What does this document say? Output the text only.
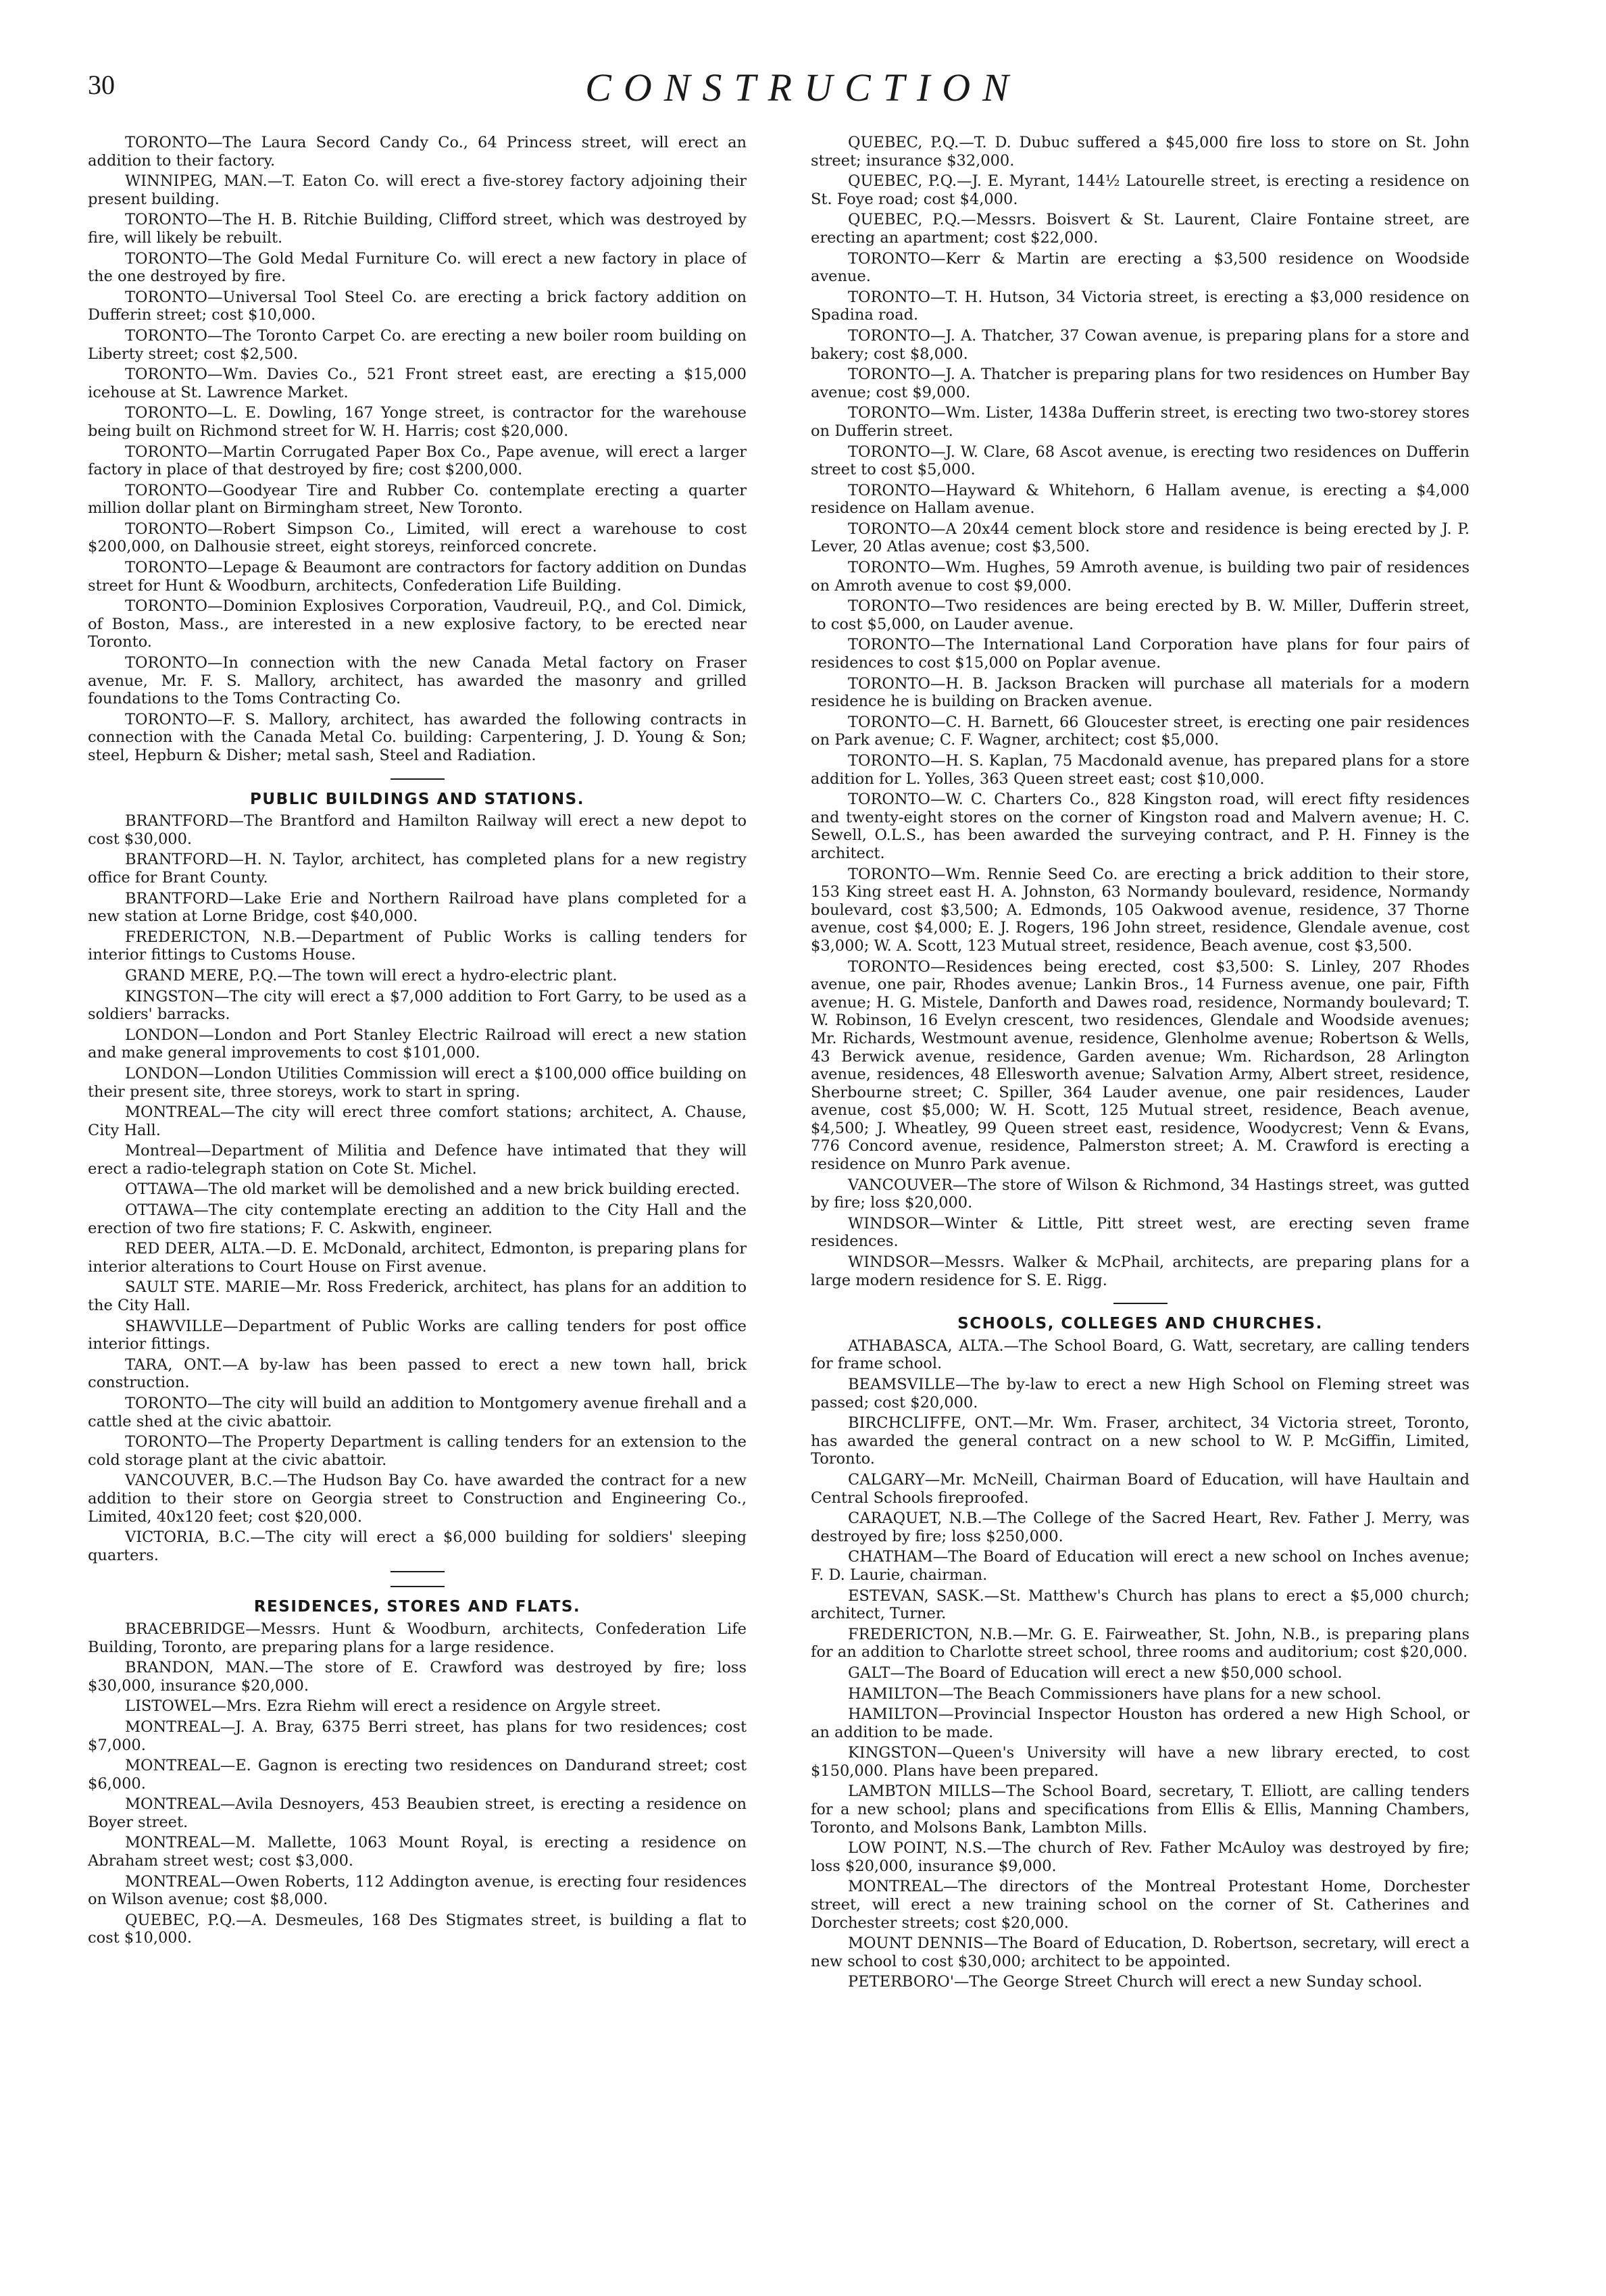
30	CONSTRUCTION

TORONTO—The Laura Secord Candy Co., 64 Princess street, will erect an addition to their factory.

WINNIPEG, MAN.—T. Eaton Co. will erect a five-storey factory adjoining their present building.

TORONTO—The H. B. Ritchie Building, Clifford street, which was destroyed by fire, will likely be rebuilt.

TORONTO—The Gold Medal Furniture Co. will erect a new factory in place of the one destroyed by fire.

TORONTO—Universal Tool Steel Co. are erecting a brick factory addition on Dufferin street; cost $10,000.

TORONTO—The Toronto Carpet Co. are erecting a new boiler room building on Liberty street; cost $2,500.

TORONTO—Wm. Davies Co., 521 Front street east, are erecting a $15,000 icehouse at St. Lawrence Market.

TORONTO—L. E. Dowling, 167 Yonge street, is contractor for the warehouse being built on Richmond street for W. H. Harris; cost $20,000.

TORONTO—Martin Corrugated Paper Box Co., Pape avenue, will erect a larger factory in place of that destroyed by fire; cost $200,000.

TORONTO—Goodyear Tire and Rubber Co. contemplate erecting a quarter million dollar plant on Birmingham street, New Toronto.

TORONTO—Robert Simpson Co., Limited, will erect a warehouse to cost $200,000, on Dalhousie street, eight storeys, reinforced concrete.

TORONTO—Lepage & Beaumont are contractors for factory addition on Dundas street for Hunt & Woodburn, architects, Confederation Life Building.

TORONTO—Dominion Explosives Corporation, Vaudreuil, P.Q., and Col. Dimick, of Boston, Mass., are interested in a new explosive factory, to be erected near Toronto.

TORONTO—In connection with the new Canada Metal factory on Fraser avenue, Mr. F. S. Mallory, architect, has awarded the masonry and grilled foundations to the Toms Contracting Co.

TORONTO—F. S. Mallory, architect, has awarded the following contracts in connection with the Canada Metal Co. building: Carpentering, J. D. Young & Son; steel, Hepburn & Disher; metal sash, Steel and Radiation.

PUBLIC BUILDINGS AND STATIONS.

BRANTFORD—The Brantford and Hamilton Railway will erect a new depot to cost $30,000.

BRANTFORD—H. N. Taylor, architect, has completed plans for a new registry office for Brant County.

BRANTFORD—Lake Erie and Northern Railroad have plans completed for a new station at Lorne Bridge, cost $40,000.

FREDERICTON, N.B.—Department of Public Works is calling tenders for interior fittings to Customs House.

GRAND MERE, P.Q.—The town will erect a hydro-electric plant.

KINGSTON—The city will erect a $7,000 addition to Fort Garry, to be used as a soldiers' barracks.

LONDON—London and Port Stanley Electric Railroad will erect a new station and make general improvements to cost $101,000.

LONDON—London Utilities Commission will erect a $100,000 office building on their present site, three storeys, work to start in spring.

MONTREAL—The city will erect three comfort stations; architect, A. Chause, City Hall.

Montreal—Department of Militia and Defence have intimated that they will erect a radio-telegraph station on Cote St. Michel.

OTTAWA—The old market will be demolished and a new brick building erected.

OTTAWA—The city contemplate erecting an addition to the City Hall and the erection of two fire stations; F. C. Askwith, engineer.

RED DEER, ALTA.—D. E. McDonald, architect, Edmonton, is preparing plans for interior alterations to Court House on First avenue.

SAULT STE. MARIE—Mr. Ross Frederick, architect, has plans for an addition to the City Hall.

SHAWVILLE—Department of Public Works are calling tenders for post office interior fittings.

TARA, ONT.—A by-law has been passed to erect a new town hall, brick construction.

TORONTO—The city will build an addition to Montgomery avenue firehall and a cattle shed at the civic abattoir.

TORONTO—The Property Department is calling tenders for an extension to the cold storage plant at the civic abattoir.

VANCOUVER, B.C.—The Hudson Bay Co. have awarded the contract for a new addition to their store on Georgia street to Construction and Engineering Co., Limited, 40x120 feet; cost $20,000.

VICTORIA, B.C.—The city will erect a $6,000 building for soldiers' sleeping quarters.

RESIDENCES, STORES AND FLATS.

BRACEBRIDGE—Messrs. Hunt & Woodburn, architects, Confederation Life Building, Toronto, are preparing plans for a large residence.

BRANDON, MAN.—The store of E. Crawford was destroyed by fire; loss $30,000, insurance $20,000.

LISTOWEL—Mrs. Ezra Riehm will erect a residence on Argyle street.

MONTREAL—J. A. Bray, 6375 Berri street, has plans for two residences; cost $7,000.

MONTREAL—E. Gagnon is erecting two residences on Dandurand street; cost $6,000.

MONTREAL—Avila Desnoyers, 453 Beaubien street, is erecting a residence on Boyer street.

MONTREAL—M. Mallette, 1063 Mount Royal, is erecting a residence on Abraham street west; cost $3,000.

MONTREAL—Owen Roberts, 112 Addington avenue, is erecting four residences on Wilson avenue; cost $8,000.

QUEBEC, P.Q.—A. Desmeules, 168 Des Stigmates street, is building a flat to cost $10,000.

QUEBEC, P.Q.—T. D. Dubuc suffered a $45,000 fire loss to store on St. John street; insurance $32,000.

QUEBEC, P.Q.—J. E. Myrant, 144½ Latourelle street, is erecting a residence on St. Foye road; cost $4,000.

QUEBEC, P.Q.—Messrs. Boisvert & St. Laurent, Claire Fontaine street, are erecting an apartment; cost $22,000.

TORONTO—Kerr & Martin are erecting a $3,500 residence on Woodside avenue.

TORONTO—T. H. Hutson, 34 Victoria street, is erecting a $3,000 residence on Spadina road.

TORONTO—J. A. Thatcher, 37 Cowan avenue, is preparing plans for a store and bakery; cost $8,000.

TORONTO—J. A. Thatcher is preparing plans for two residences on Humber Bay avenue; cost $9,000.

TORONTO—Wm. Lister, 1438a Dufferin street, is erecting two two-storey stores on Dufferin street.

TORONTO—J. W. Clare, 68 Ascot avenue, is erecting two residences on Dufferin street to cost $5,000.

TORONTO—Hayward & Whitehorn, 6 Hallam avenue, is erecting a $4,000 residence on Hallam avenue.

TORONTO—A 20x44 cement block store and residence is being erected by J. P. Lever, 20 Atlas avenue; cost $3,500.

TORONTO—Wm. Hughes, 59 Amroth avenue, is building two pair of residences on Amroth avenue to cost $9,000.

TORONTO—Two residences are being erected by B. W. Miller, Dufferin street, to cost $5,000, on Lauder avenue.

TORONTO—The International Land Corporation have plans for four pairs of residences to cost $15,000 on Poplar avenue.

TORONTO—H. B. Jackson Bracken will purchase all materials for a modern residence he is building on Bracken avenue.

TORONTO—C. H. Barnett, 66 Gloucester street, is erecting one pair residences on Park avenue; C. F. Wagner, architect; cost $5,000.

TORONTO—H. S. Kaplan, 75 Macdonald avenue, has prepared plans for a store addition for L. Yolles, 363 Queen street east; cost $10,000.

TORONTO—W. C. Charters Co., 828 Kingston road, will erect fifty residences and twenty-eight stores on the corner of Kingston road and Malvern avenue; H. C. Sewell, O.L.S., has been awarded the surveying contract, and P. H. Finney is the architect.

TORONTO—Wm. Rennie Seed Co. are erecting a brick addition to their store, 153 King street east H. A. Johnston, 63 Normandy boulevard, residence, Normandy boulevard, cost $3,500; A. Edmonds, 105 Oakwood avenue, residence, 37 Thorne avenue, cost $4,000; E. J. Rogers, 196 John street, residence, Glendale avenue, cost $3,000; W. A. Scott, 123 Mutual street, residence, Beach avenue, cost $3,500.

TORONTO—Residences being erected, cost $3,500: S. Linley, 207 Rhodes avenue, one pair, Rhodes avenue; Lankin Bros., 14 Furness avenue, one pair, Fifth avenue; H. G. Mistele, Danforth and Dawes road, residence, Normandy boulevard; T. W. Robinson, 16 Evelyn crescent, two residences, Glendale and Woodside avenues; Mr. Richards, Westmount avenue, residence, Glenholme avenue; Robertson & Wells, 43 Berwick avenue, residence, Garden avenue; Wm. Richardson, 28 Arlington avenue, residences, 48 Ellesworth avenue; Salvation Army, Albert street, residence, Sherbourne street; C. Spiller, 364 Lauder avenue, one pair residences, Lauder avenue, cost $5,000; W. H. Scott, 125 Mutual street, residence, Beach avenue, $4,500; J. Wheatley, 99 Queen street east, residence, Woodycrest; Venn & Evans, 776 Concord avenue, residence, Palmerston street; A. M. Crawford is erecting a residence on Munro Park avenue.

VANCOUVER—The store of Wilson & Richmond, 34 Hastings street, was gutted by fire; loss $20,000.

WINDSOR—Winter & Little, Pitt street west, are erecting seven frame residences.

WINDSOR—Messrs. Walker & McPhail, architects, are preparing plans for a large modern residence for S. E. Rigg.

SCHOOLS, COLLEGES AND CHURCHES.

ATHABASCA, ALTA.—The School Board, G. Watt, secretary, are calling tenders for frame school.

BEAMSVILLE—The by-law to erect a new High School on Fleming street was passed; cost $20,000.

BIRCHCLIFFE, ONT.—Mr. Wm. Fraser, architect, 34 Victoria street, Toronto, has awarded the general contract on a new school to W. P. McGiffin, Limited, Toronto.

CALGARY—Mr. McNeill, Chairman Board of Education, will have Haultain and Central Schools fireproofed.

CARAQUET, N.B.—The College of the Sacred Heart, Rev. Father J. Merry, was destroyed by fire; loss $250,000.

CHATHAM—The Board of Education will erect a new school on Inches avenue; F. D. Laurie, chairman.

ESTEVAN, SASK.—St. Matthew's Church has plans to erect a $5,000 church; architect, Turner.

FREDERICTON, N.B.—Mr. G. E. Fairweather, St. John, N.B., is preparing plans for an addition to Charlotte street school, three rooms and auditorium; cost $20,000.

GALT—The Board of Education will erect a new $50,000 school.

HAMILTON—The Beach Commissioners have plans for a new school.

HAMILTON—Provincial Inspector Houston has ordered a new High School, or an addition to be made.

KINGSTON—Queen's University will have a new library erected, to cost $150,000. Plans have been prepared.

LAMBTON MILLS—The School Board, secretary, T. Elliott, are calling tenders for a new school; plans and specifications from Ellis & Ellis, Manning Chambers, Toronto, and Molsons Bank, Lambton Mills.

LOW POINT, N.S.—The church of Rev. Father McAuloy was destroyed by fire; loss $20,000, insurance $9,000.

MONTREAL—The directors of the Montreal Protestant Home, Dorchester street, will erect a new training school on the corner of St. Catherines and Dorchester streets; cost $20,000.

MOUNT DENNIS—The Board of Education, D. Robertson, secretary, will erect a new school to cost $30,000; architect to be appointed.

PETERBORO'—The George Street Church will erect a new Sunday school.
